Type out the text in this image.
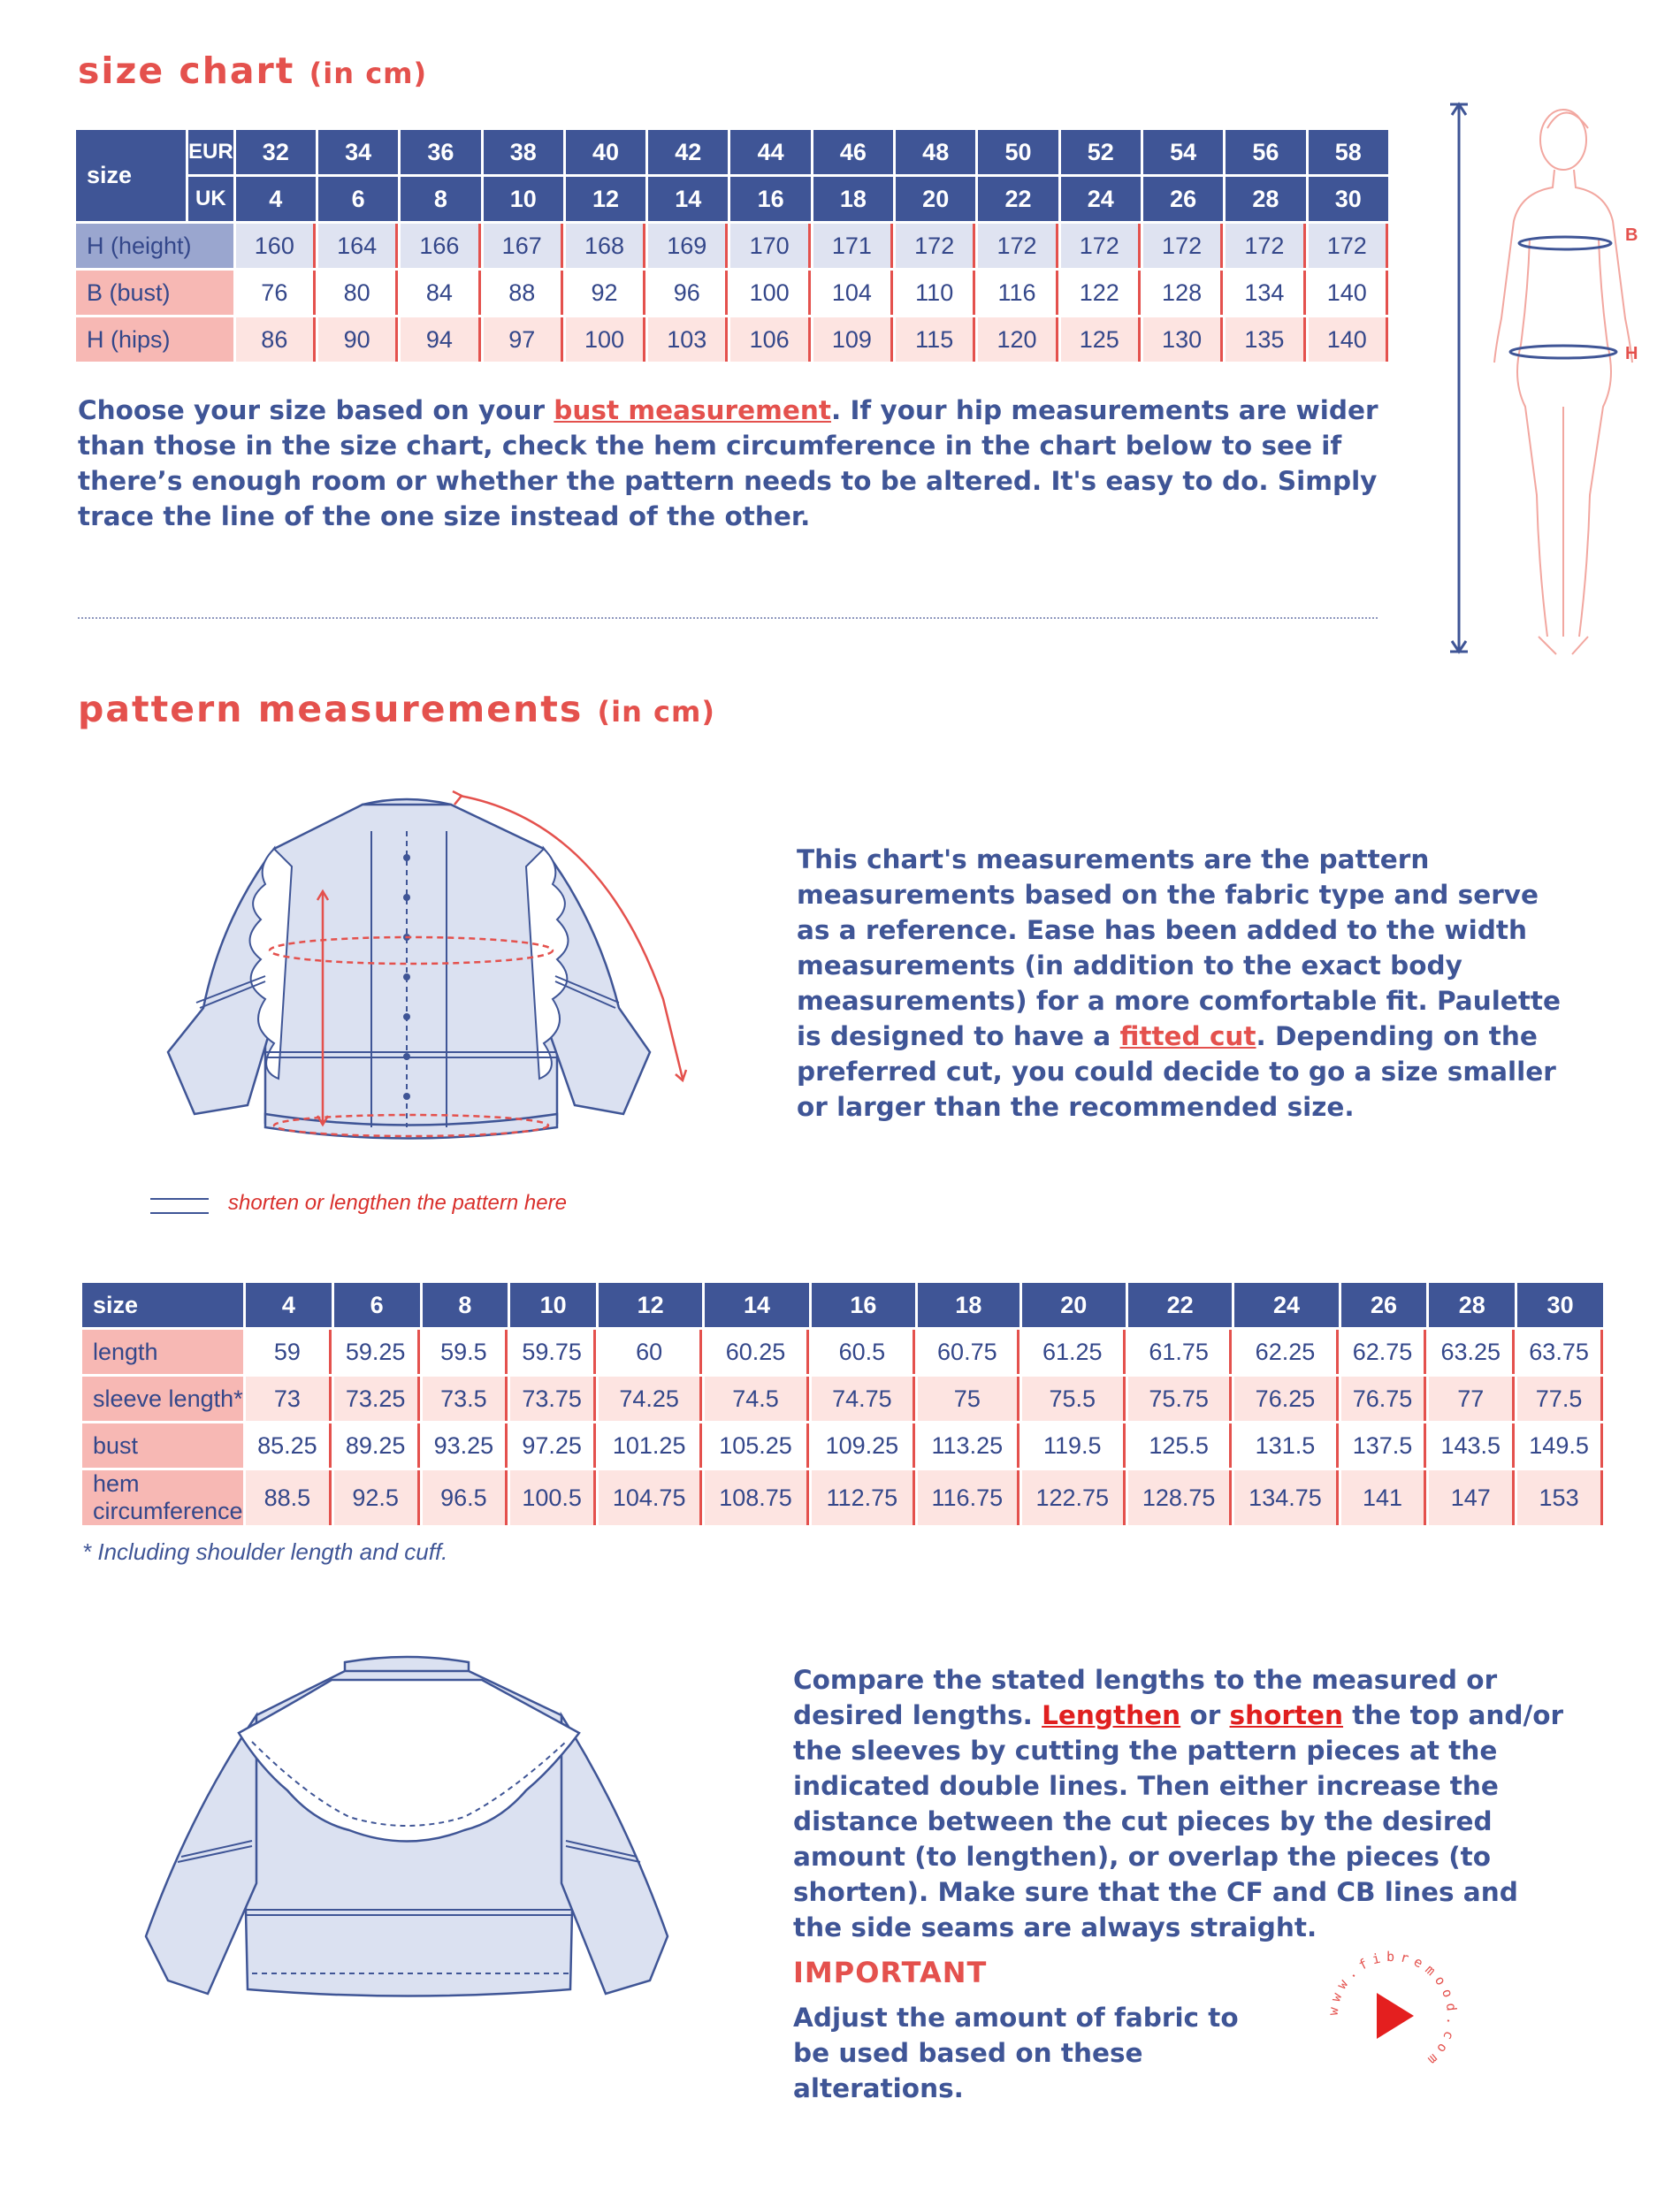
size chart (in cm)
size	EUR	32	34	36	38	40	42	44	46	48	50	52	54	56	58
	UK	4	6	8	10	12	14	16	18	20	22	24	26	28	30
H (height)		160	164	166	167	168	169	170	171	172	172	172	172	172	172
B (bust)		76	80	84	88	92	96	100	104	110	116	122	128	134	140
H (hips)		86	90	94	97	100	103	106	109	115	120	125	130	135	140
Choose your size based on your bust measurement. If your hip measurements are wider than those in the size chart, check the hem circumference in the chart below to see if there’s enough room or whether the pattern needs to be altered. It's easy to do. Simply trace the line of the one size instead of the other.
B
H
pattern measurements (in cm)
shorten or lengthen the pattern here
This chart's measurements are the pattern measurements based on the fabric type and serve as a reference. Ease has been added to the width measurements (in addition to the exact body measurements) for a more comfortable fit. Paulette is designed to have a fitted cut. Depending on the preferred cut, you could decide to go a size smaller or larger than the recommended size.
size	4	6	8	10	12	14	16	18	20	22	24	26	28	30
length	59	59.25	59.5	59.75	60	60.25	60.5	60.75	61.25	61.75	62.25	62.75	63.25	63.75
sleeve length*	73	73.25	73.5	73.75	74.25	74.5	74.75	75	75.5	75.75	76.25	76.75	77	77.5
bust	85.25	89.25	93.25	97.25	101.25	105.25	109.25	113.25	119.5	125.5	131.5	137.5	143.5	149.5
hem circumference	88.5	92.5	96.5	100.5	104.75	108.75	112.75	116.75	122.75	128.75	134.75	141	147	153
* Including shoulder length and cuff.
Compare the stated lengths to the measured or desired lengths. Lengthen or shorten the top and/or the sleeves by cutting the pattern pieces at the indicated double lines. Then either increase the distance between the cut pieces by the desired amount (to lengthen), or overlap the pieces (to shorten). Make sure that the CF and CB lines and the side seams are always straight.
IMPORTANT
Adjust the amount of fabric to be used based on these alterations.
www.fibremood.com
